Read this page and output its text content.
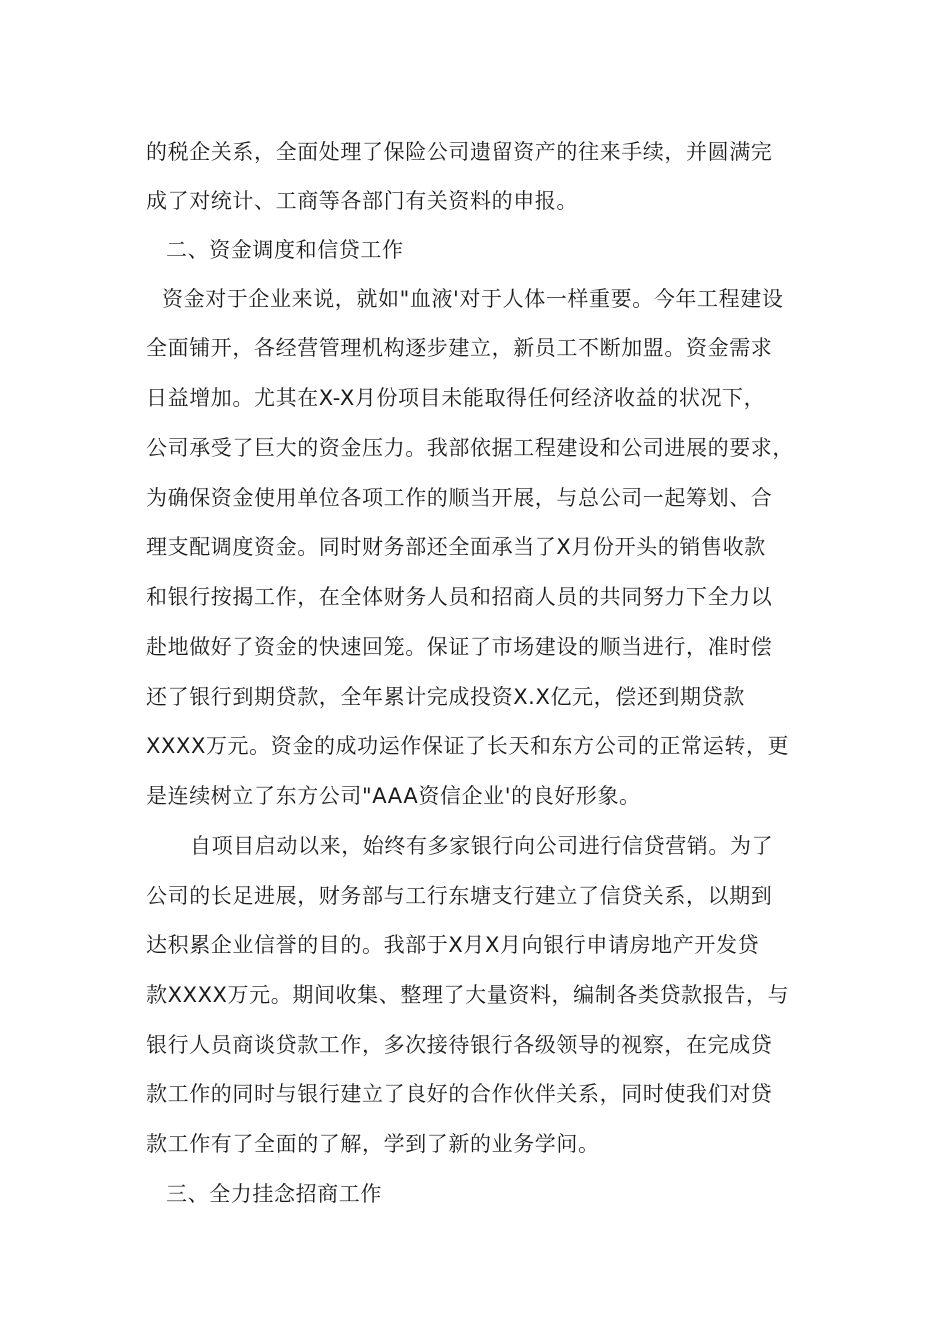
的税企关系，全面处理了保险公司遗留资产的往来手续，并圆满完
成了对统计、工商等各部门有关资料的申报。
二、资金调度和信贷工作
资金对于企业来说，就如"血液'对于人体一样重要。今年工程建设
全面铺开，各经营管理机构逐步建立，新员工不断加盟。资金需求
日益增加。尤其在X-X月份项目未能取得任何经济收益的状况下，
公司承受了巨大的资金压力。我部依据工程建设和公司进展的要求，
为确保资金使用单位各项工作的顺当开展，与总公司一起筹划、合
理支配调度资金。同时财务部还全面承当了X月份开头的销售收款
和银行按揭工作，在全体财务人员和招商人员的共同努力下全力以
赴地做好了资金的快速回笼。保证了市场建设的顺当进行，准时偿
还了银行到期贷款，全年累计完成投资X.X亿元，偿还到期贷款
XXXX万元。资金的成功运作保证了长天和东方公司的正常运转，更
是连续树立了东方公司"AAA资信企业'的良好形象。
自项目启动以来，始终有多家银行向公司进行信贷营销。为了
公司的长足进展，财务部与工行东塘支行建立了信贷关系，以期到
达积累企业信誉的目的。我部于X月X月向银行申请房地产开发贷
款XXXX万元。期间收集、整理了大量资料，编制各类贷款报告，与
银行人员商谈贷款工作，多次接待银行各级领导的视察，在完成贷
款工作的同时与银行建立了良好的合作伙伴关系，同时使我们对贷
款工作有了全面的了解，学到了新的业务学问。
三、全力挂念招商工作
